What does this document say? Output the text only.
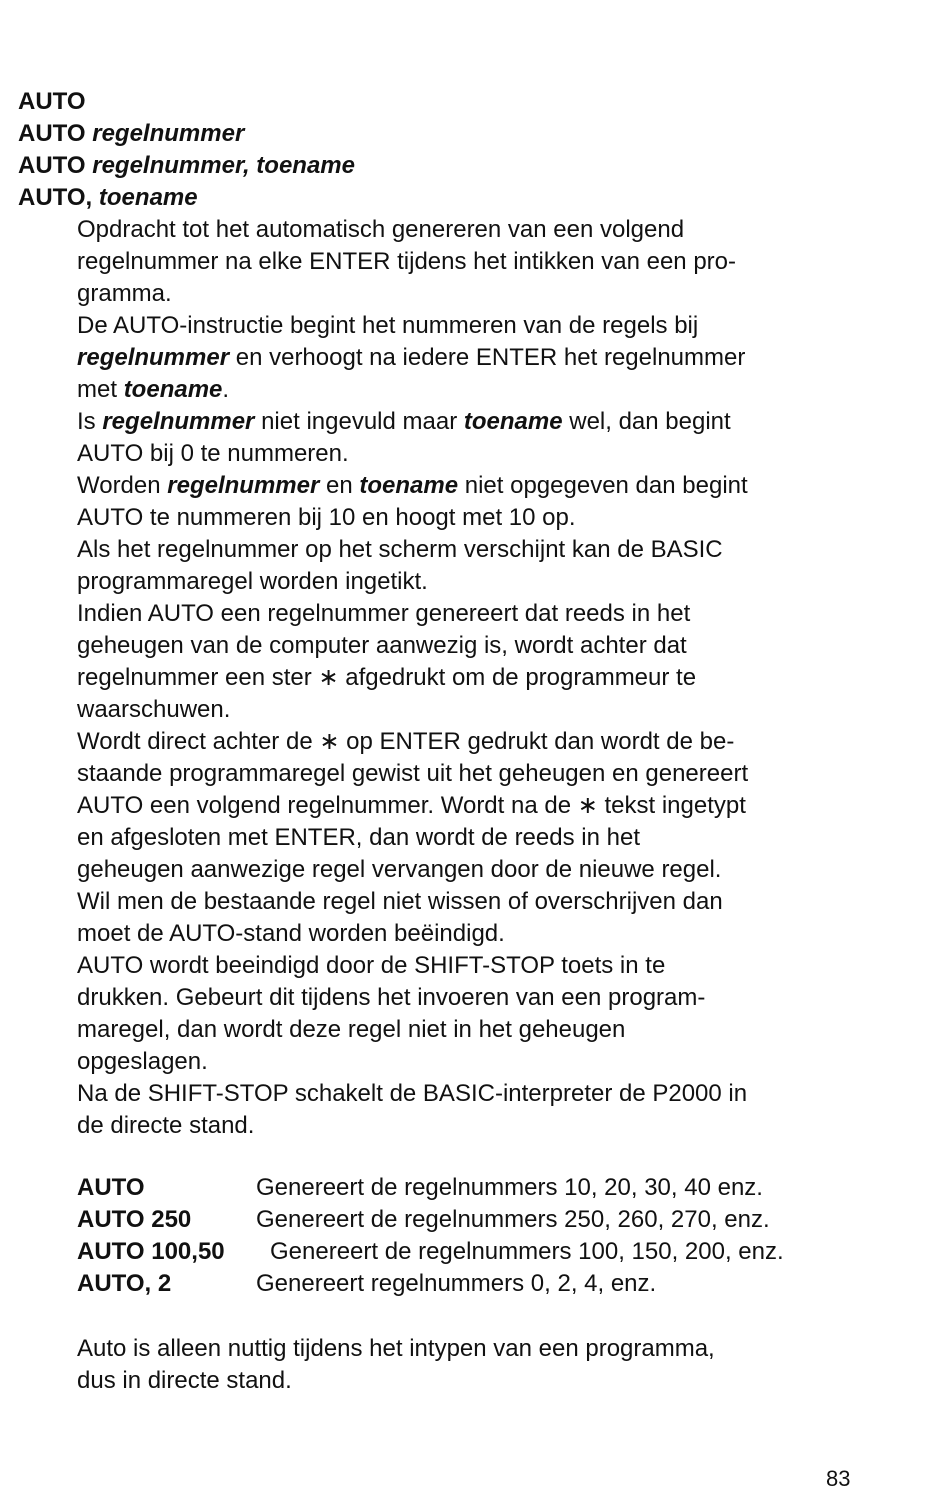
AUTO
AUTO regelnummer
AUTO regelnummer, toename
AUTO, toename
Opdracht tot het automatisch genereren van een volgend
regelnummer na elke ENTER tijdens het intikken van een pro-
gramma.
De AUTO-instructie begint het nummeren van de regels bij
regelnummer en verhoogt na iedere ENTER het regelnummer
met toename.
Is regelnummer niet ingevuld maar toename wel, dan begint
AUTO bij 0 te nummeren.
Worden regelnummer en toename niet opgegeven dan begint
AUTO te nummeren bij 10 en hoogt met 10 op.
Als het regelnummer op het scherm verschijnt kan de BASIC
programmaregel worden ingetikt.
Indien AUTO een regelnummer genereert dat reeds in het
geheugen van de computer aanwezig is, wordt achter dat
regelnummer een ster ∗ afgedrukt om de programmeur te
waarschuwen.
Wordt direct achter de ∗ op ENTER gedrukt dan wordt de be-
staande programmaregel gewist uit het geheugen en genereert
AUTO een volgend regelnummer. Wordt na de ∗ tekst ingetypt
en afgesloten met ENTER, dan wordt de reeds in het
geheugen aanwezige regel vervangen door de nieuwe regel.
Wil men de bestaande regel niet wissen of overschrijven dan
moet de AUTO-stand worden beëindigd.
AUTO wordt beeindigd door de SHIFT-STOP toets in te
drukken. Gebeurt dit tijdens het invoeren van een program-
maregel, dan wordt deze regel niet in het geheugen
opgeslagen.
Na de SHIFT-STOP schakelt de BASIC-interpreter de P2000 in
de directe stand.
AUTO	Genereert de regelnummers 10, 20, 30, 40 enz.
AUTO 250	Genereert de regelnummers 250, 260, 270, enz.
AUTO 100,50 Genereert de regelnummers 100, 150, 200, enz.
AUTO, 2	Genereert regelnummers 0, 2, 4, enz.
Auto is alleen nuttig tijdens het intypen van een programma,
dus in directe stand.
83
